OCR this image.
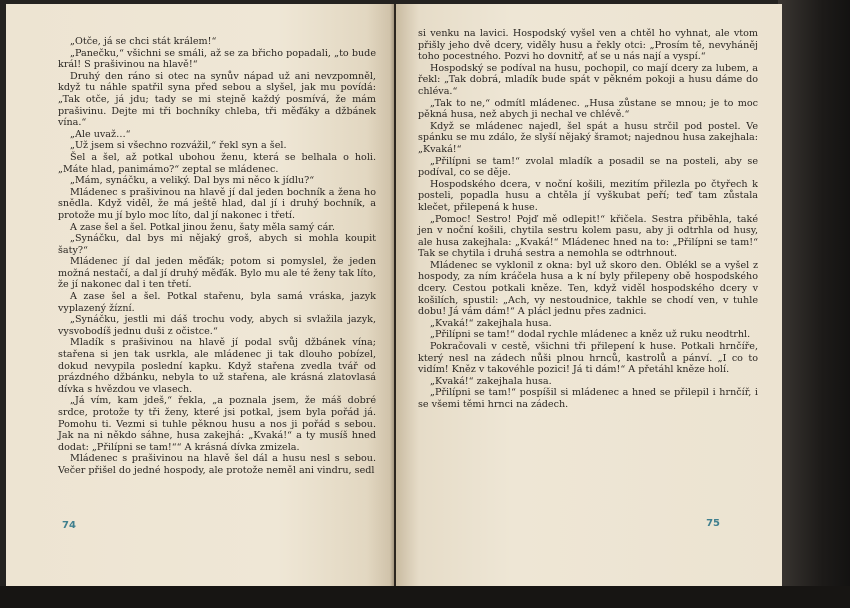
„Otče, já se chci stát králem!“

„Panečku,“ všichni se smáli, až se za břicho popadali, „to bude král! S prašivinou na hlavě!“

Druhý den ráno si otec na synův nápad už ani nevzpomněl, když tu náhle spatřil syna před sebou a slyšel, jak mu povídá: „Tak otče, já jdu; tady se mi stejně každý posmívá, že mám prašivinu. Dejte mi tři bochníky chleba, tři měďáky a džbánek vína.“

„Ale uvaž…“

„Už jsem si všechno rozvážil,“ řekl syn a šel.

Šel a šel, až potkal ubohou ženu, která se belhala o holi. „Máte hlad, panimámo?“ zeptal se mládenec.

„Mám, synáčku, a veliký. Dal bys mi něco k jídlu?“

Mládenec s prašivinou na hlavě jí dal jeden bochník a žena ho snědla. Když viděl, že má ještě hlad, dal jí i druhý bochník, a protože mu jí bylo moc líto, dal jí nakonec i třetí.

A zase šel a šel. Potkal jinou ženu, šaty měla samý cár.

„Synáčku, dal bys mi nějaký groš, abych si mohla koupit šaty?“

Mládenec jí dal jeden měďák; potom si pomyslel, že jeden možná nestačí, a dal jí druhý měďák. Bylo mu ale té ženy tak líto, že jí nakonec dal i ten třetí.

A zase šel a šel. Potkal stařenu, byla samá vráska, jazyk vyplazený žízní.

„Synáčku, jestli mi dáš trochu vody, abych si svlažila jazyk, vysvobodíš jednu duši z očistce.“

Mladík s prašivinou na hlavě jí podal svůj džbánek vína; stařena si jen tak usrkla, ale mládenec ji tak dlouho pobízel, dokud nevypila poslední kapku. Když stařena zvedla tvář od prázdného džbánku, nebyla to už stařena, ale krásná zlatovlasá dívka s hvězdou ve vlasech.

„Já vím, kam jdeš,“ řekla, „a poznala jsem, že máš dobré srdce, protože ty tři ženy, které jsi potkal, jsem byla pořád já. Pomohu ti. Vezmi si tuhle pěknou husu a nos ji pořád s sebou. Jak na ni někdo sáhne, husa zakejhá: „Kvaká!“ a ty musíš hned dodat: „Přilípni se tam!““ A krásná dívka zmizela.

Mládenec s prašivinou na hlavě šel dál a husu nesl s sebou. Večer přišel do jedné hospody, ale protože neměl ani vindru, sedl

74

si venku na lavici. Hospodský vyšel ven a chtěl ho vyhnat, ale vtom přišly jeho dvě dcery, viděly husu a řekly otci: „Prosím tě, nevyháněj toho pocestného. Pozvi ho dovnitř, ať se u nás nají a vyspí.“

Hospodský se podíval na husu, pochopil, co mají dcery za lubem, a řekl: „Tak dobrá, mladík bude spát v pěkném pokoji a husu dáme do chléva.“

„Tak to ne,“ odmítl mládenec. „Husa zůstane se mnou; je to moc pěkná husa, než abych ji nechal ve chlévě.“

Když se mládenec najedl, šel spát a husu strčil pod postel. Ve spánku se mu zdálo, že slyší nějaký šramot; najednou husa zakejhala: „Kvaká!“

„Přilípni se tam!“ zvolal mladík a posadil se na posteli, aby se podíval, co se děje.

Hospodského dcera, v noční košili, mezitím přilezla po čtyřech k posteli, popadla husu a chtěla jí vyškubat peří; teď tam zůstala klečet, přilepená k huse.

„Pomoc! Sestro! Pojď mě odlepit!“ křičela. Sestra přiběhla, také jen v noční košili, chytila sestru kolem pasu, aby ji odtrhla od husy, ale husa zakejhala: „Kvaká!“ Mládenec hned na to: „Přilípni se tam!“ Tak se chytila i druhá sestra a nemohla se odtrhnout.

Mládenec se vyklonil z okna: byl už skoro den. Oblékl se a vyšel z hospody, za ním kráčela husa a k ní byly přilepeny obě hospodského dcery. Cestou potkali kněze. Ten, když viděl hospodského dcery v košilích, spustil: „Ach, vy nestoudnice, takhle se chodí ven, v tuhle dobu! Já vám dám!“ A plácl jednu přes zadnici.

„Kvaká!“ zakejhala husa.

„Přilípni se tam!“ dodal rychle mládenec a kněz už ruku neodtrhl.

Pokračovali v cestě, všichni tři přilepení k huse. Potkali hrnčíře, který nesl na zádech nůši plnou hrnců, kastrolů a pánví. „I co to vidím! Kněz v takovéhle pozici! Já ti dám!“ A přetáhl kněze holí.

„Kvaká!“ zakejhala husa.

„Přilípni se tam!“ pospíšil si mládenec a hned se přilepil i hrnčíř, i se všemi těmi hrnci na zádech.

75
